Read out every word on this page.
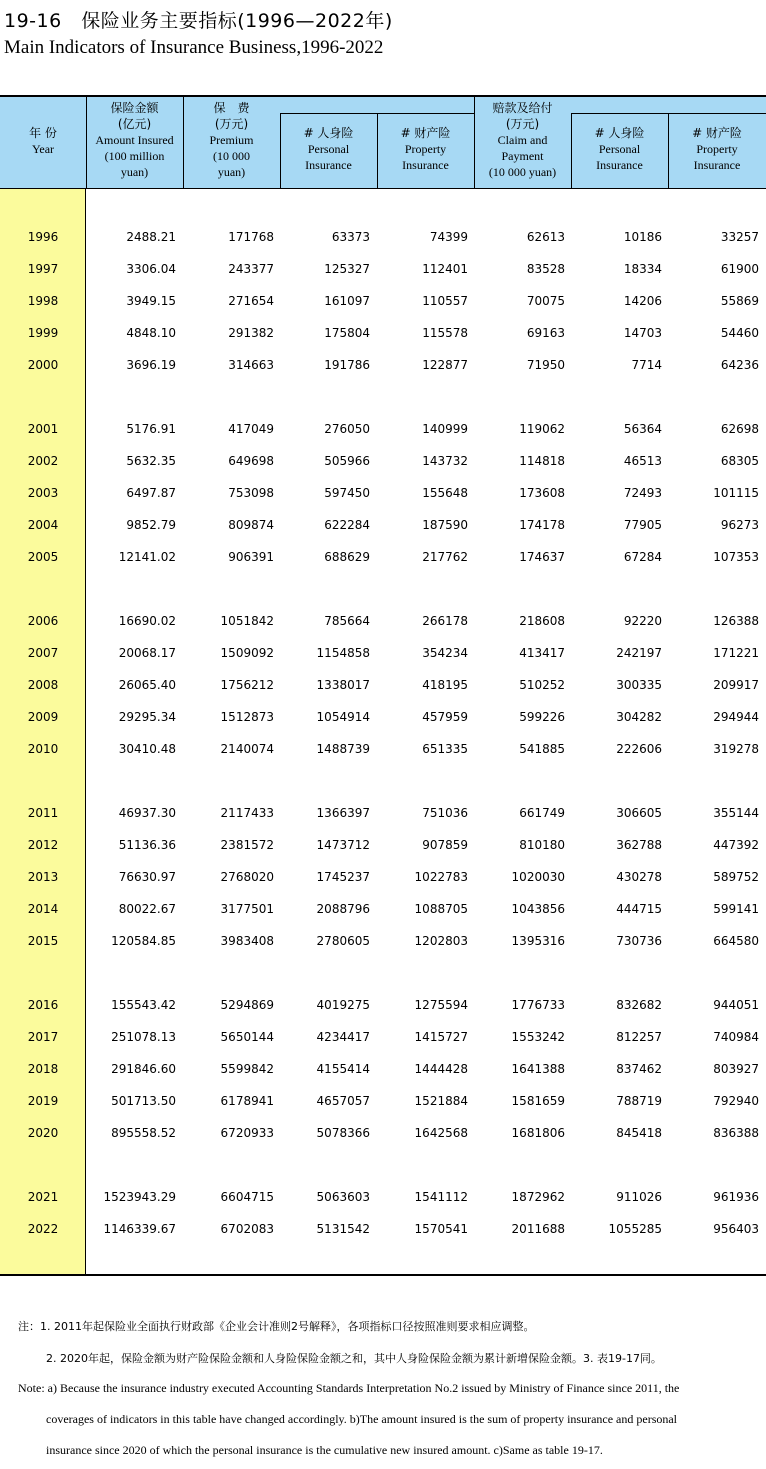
19-16　保险业务主要指标(1996—2022年)
Main Indicators of Insurance Business,1996-2022
年 份
Year
保险金额
(亿元)
Amount Insured
(100 million
yuan)
保　费
(万元)
Premium
(10 000
yuan)
# 人身险
Personal
Insurance
# 财产险
Property
Insurance
赔款及给付
(万元)
Claim and
Payment
(10 000 yuan)
# 人身险
Personal
Insurance
# 财产险
Property
Insurance
1996	2488.21	171768	63373	74399	62613	10186	33257
1997	3306.04	243377	125327	112401	83528	18334	61900
1998	3949.15	271654	161097	110557	70075	14206	55869
1999	4848.10	291382	175804	115578	69163	14703	54460
2000	3696.19	314663	191786	122877	71950	7714	64236
2001	5176.91	417049	276050	140999	119062	56364	62698
2002	5632.35	649698	505966	143732	114818	46513	68305
2003	6497.87	753098	597450	155648	173608	72493	101115
2004	9852.79	809874	622284	187590	174178	77905	96273
2005	12141.02	906391	688629	217762	174637	67284	107353
2006	16690.02	1051842	785664	266178	218608	92220	126388
2007	20068.17	1509092	1154858	354234	413417	242197	171221
2008	26065.40	1756212	1338017	418195	510252	300335	209917
2009	29295.34	1512873	1054914	457959	599226	304282	294944
2010	30410.48	2140074	1488739	651335	541885	222606	319278
2011	46937.30	2117433	1366397	751036	661749	306605	355144
2012	51136.36	2381572	1473712	907859	810180	362788	447392
2013	76630.97	2768020	1745237	1022783	1020030	430278	589752
2014	80022.67	3177501	2088796	1088705	1043856	444715	599141
2015	120584.85	3983408	2780605	1202803	1395316	730736	664580
2016	155543.42	5294869	4019275	1275594	1776733	832682	944051
2017	251078.13	5650144	4234417	1415727	1553242	812257	740984
2018	291846.60	5599842	4155414	1444428	1641388	837462	803927
2019	501713.50	6178941	4657057	1521884	1581659	788719	792940
2020	895558.52	6720933	5078366	1642568	1681806	845418	836388
2021	1523943.29	6604715	5063603	1541112	1872962	911026	961936
2022	1146339.67	6702083	5131542	1570541	2011688	1055285	956403
注：1. 2011年起保险业全面执行财政部《企业会计准则2号解释》，各项指标口径按照准则要求相应调整。
2. 2020年起，保险金额为财产险保险金额和人身险保险金额之和，其中人身险保险金额为累计新增保险金额。3. 表19-17同。
Note: a) Because the insurance industry executed Accounting Standards Interpretation No.2 issued by Ministry of Finance since 2011, the
coverages of indicators in this table have changed accordingly. b)The amount insured is the sum of property insurance and personal
insurance since 2020 of which the personal insurance is the cumulative new insured amount. c)Same as table 19-17.
